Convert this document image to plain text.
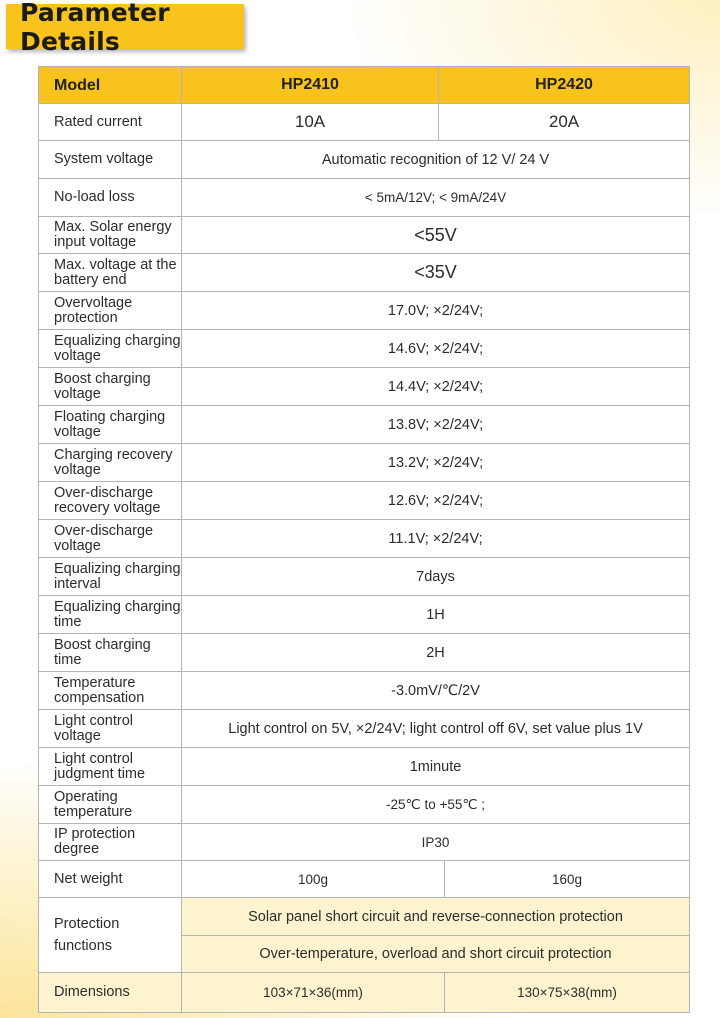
Parameter Details
Model	HP2410	HP2420	
Rated current	10A	20A	
System voltage	Automatic recognition of 12 V/ 24 V		
No-load loss	< 5mA/12V; < 9mA/24V		
Max. Solar energy input voltage	<55V		
Max. voltage at the battery end	<35V		
Overvoltage protection	17.0V; ×2/24V;		
Equalizing charging voltage	14.6V; ×2/24V;		
Boost charging voltage	14.4V; ×2/24V;		
Floating charging voltage	13.8V; ×2/24V;		
Charging recovery voltage	13.2V; ×2/24V;		
Over-discharge recovery voltage	12.6V; ×2/24V;		
Over-discharge voltage	11.1V; ×2/24V;		
Equalizing charging interval	7days		
Equalizing charging time	1H		
Boost charging time	2H		
Temperature compensation	-3.0mV/℃/2V		
Light control voltage	Light control on 5V, ×2/24V; light control off 6V, set value plus 1V		
Light control judgment time	1minute		
Operating temperature	-25℃ to +55℃ ;		
IP protection degree	IP30		
Net weight	100g		160g
Protection functions	Solar panel short circuit and reverse-connection protection		
	Over-temperature, overload and short circuit protection		
Dimensions	103×71×36(mm)		130×75×38(mm)
